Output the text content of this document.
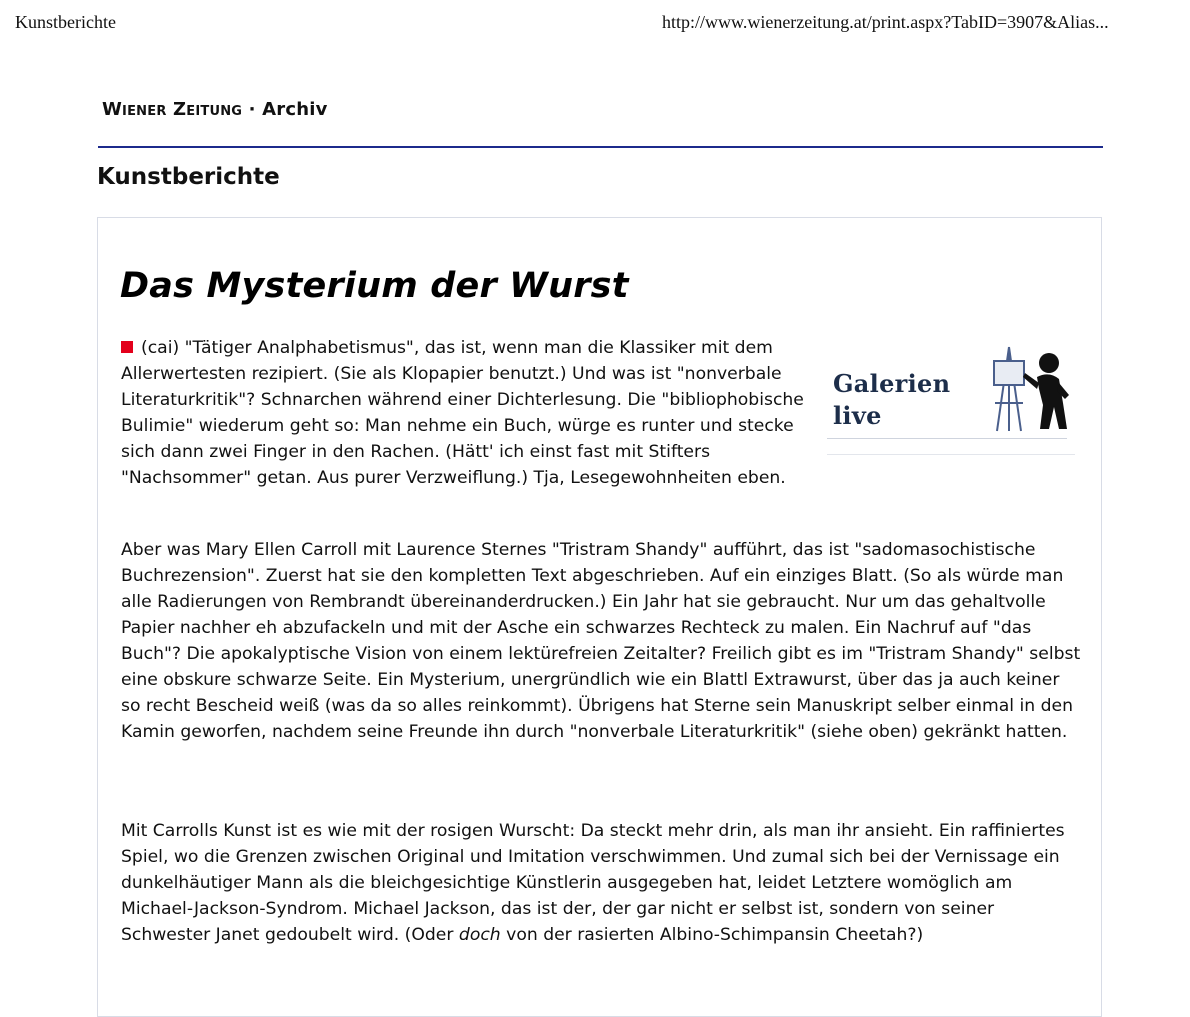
Kunstberichte	http://www.wienerzeitung.at/print.aspx?TabID=3907&Alias...
Wiener Zeitung · Archiv
Kunstberichte
Das Mysterium der Wurst

(cai) "Tätiger Analphabetismus", das ist, wenn man die Klassiker mit dem Allerwertesten rezipiert. (Sie als Klopapier benutzt.) Und was ist "nonverbale Literaturkritik"? Schnarchen während einer Dichterlesung. Die "bibliophobische Bulimie" wiederum geht so: Man nehme ein Buch, würge es runter und stecke sich dann zwei Finger in den Rachen. (Hätt' ich einst fast mit Stifters "Nachsommer" getan. Aus purer Verzweiflung.) Tja, Lesegewohnheiten eben.

Galerien
live

Aber was Mary Ellen Carroll mit Laurence Sternes "Tristram Shandy" aufführt, das ist "sadomasochistische Buchrezension". Zuerst hat sie den kompletten Text abgeschrieben. Auf ein einziges Blatt. (So als würde man alle Radierungen von Rembrandt übereinanderdrucken.) Ein Jahr hat sie gebraucht. Nur um das gehaltvolle Papier nachher eh abzufackeln und mit der Asche ein schwarzes Rechteck zu malen. Ein Nachruf auf "das Buch"? Die apokalyptische Vision von einem lektürefreien Zeitalter? Freilich gibt es im "Tristram Shandy" selbst eine obskure schwarze Seite. Ein Mysterium, unergründlich wie ein Blattl Extrawurst, über das ja auch keiner so recht Bescheid weiß (was da so alles reinkommt). Übrigens hat Sterne sein Manuskript selber einmal in den Kamin geworfen, nachdem seine Freunde ihn durch "nonverbale Literaturkritik" (siehe oben) gekränkt hatten.

Mit Carrolls Kunst ist es wie mit der rosigen Wurscht: Da steckt mehr drin, als man ihr ansieht. Ein raffiniertes Spiel, wo die Grenzen zwischen Original und Imitation verschwimmen. Und zumal sich bei der Vernissage ein dunkelhäutiger Mann als die bleichgesichtige Künstlerin ausgegeben hat, leidet Letztere womöglich am Michael-Jackson-Syndrom. Michael Jackson, das ist der, der gar nicht er selbst ist, sondern von seiner Schwester Janet gedoubelt wird. (Oder doch von der rasierten Albino-Schimpansin Cheetah?)
